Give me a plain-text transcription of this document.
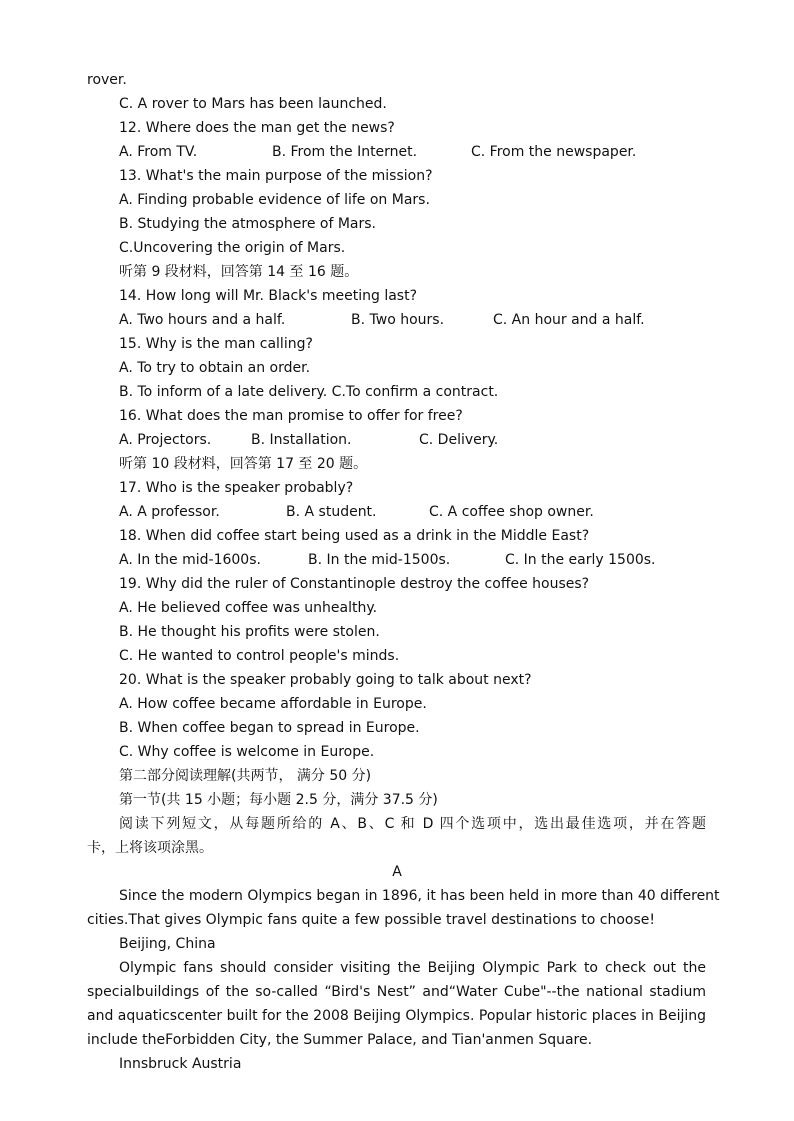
rover.
C. A rover to Mars has been launched.
12. Where does the man get the news?
A. From TV.	B. From the Internet.	C. From the newspaper.
13. What's the main purpose of the mission?
A. Finding probable evidence of life on Mars.
B. Studying the atmosphere of Mars.
C.Uncovering the origin of Mars.
听第 9 段材料，回答第 14 至 16 题。
14. How long will Mr. Black's meeting last?
A. Two hours and a half.	B. Two hours.	C. An hour and a half.
15. Why is the man calling?
A. To try to obtain an order.
B. To inform of a late delivery. C.To confirm a contract.
16. What does the man promise to offer for free?
A. Projectors.	B. Installation.	C. Delivery.
听第 10 段材料，回答第 17 至 20 题。
17. Who is the speaker probably?
A. A professor.	B. A student.	C. A coffee shop owner.
18. When did coffee start being used as a drink in the Middle East?
A. In the mid-1600s.	B. In the mid-1500s.	C. In the early 1500s.
19. Why did the ruler of Constantinople destroy the coffee houses?
A. He believed coffee was unhealthy.
B. He thought his profits were stolen.
C. He wanted to control people's minds.
20. What is the speaker probably going to talk about next?
A. How coffee became affordable in Europe.
B. When coffee began to spread in Europe.
C. Why coffee is welcome in Europe.
第二部分阅读理解(共两节， 满分 50 分)
第一节(共 15 小题；每小题 2.5 分，满分 37.5 分)
阅读下列短文，从每题所给的 A、B、C 和 D 四个选项中，选出最佳选项，并在答题
卡，上将该项涂黑。
A
Since the modern Olympics began in 1896, it has been held in more than 40 different
cities.That gives Olympic fans quite a few possible travel destinations to choose!
Beijing, China
Olympic fans should consider visiting the Beijing Olympic Park to check out the
specialbuildings of the so-called “Bird's Nest” and“Water Cube"--the national stadium
and aquaticscenter built for the 2008 Beijing Olympics. Popular historic places in Beijing
include theForbidden City, the Summer Palace, and Tian'anmen Square.
Innsbruck Austria
